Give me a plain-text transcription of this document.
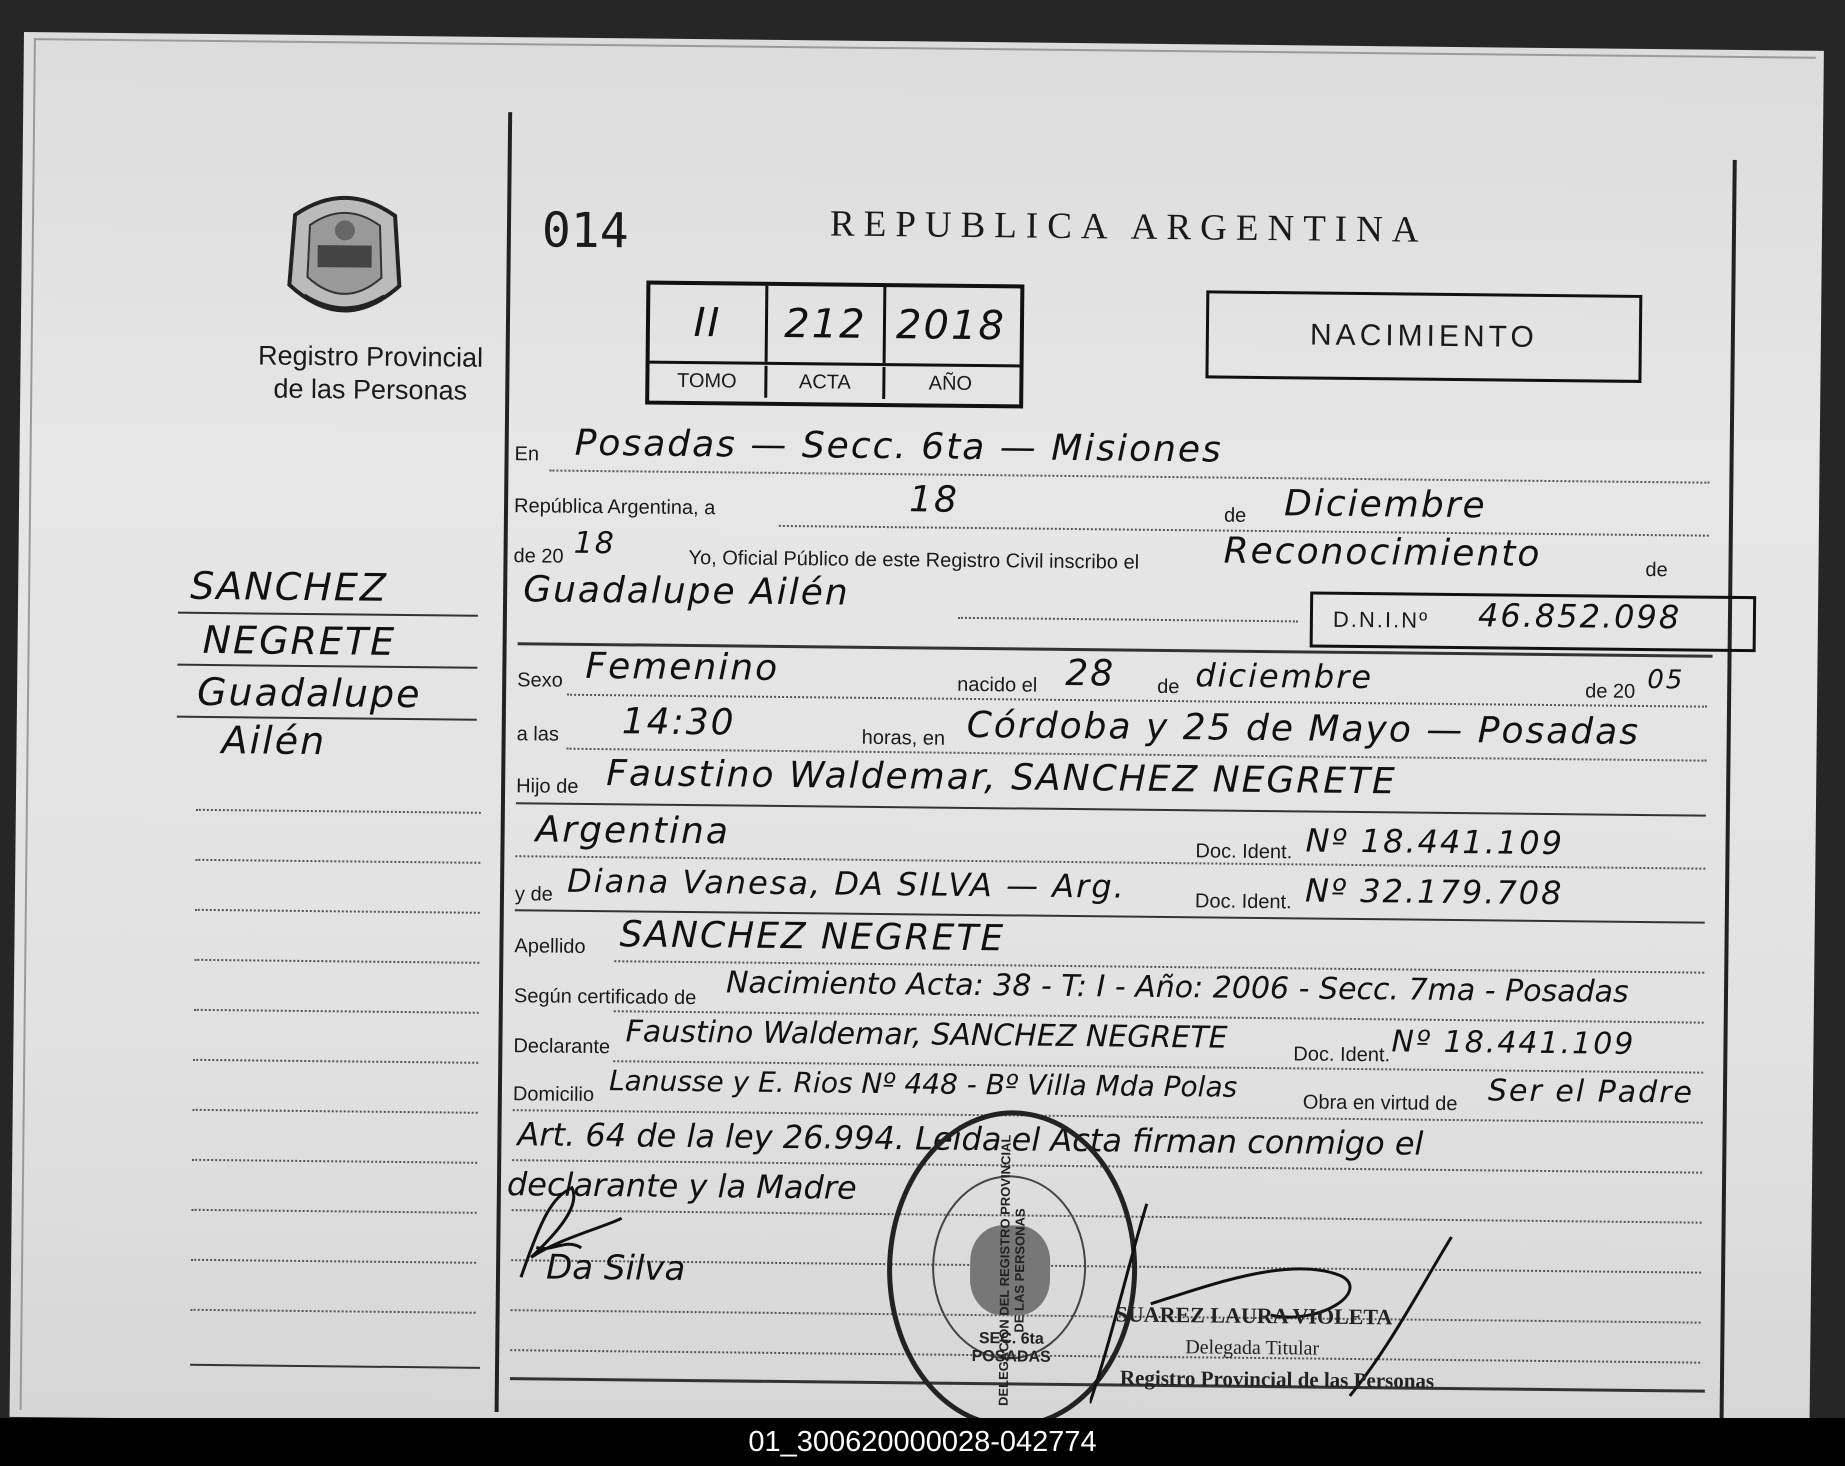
Registro Provincial
de las Personas
SANCHEZ
NEGRETE
Guadalupe
Ailén
014	REPUBLICA ARGENTINA
II	212 2018
TOMO	ACTA	AÑO
NACIMIENTO
En Posadas — Secc. 6ta — Misiones
República Argentina, a	18	de Diciembre
de 20 18	Yo, Oficial Público de este Registro Civil inscribo el Reconocimiento	de
Guadalupe Ailén
D.N.I.Nº 46.852.098
Sexo Femenino	nacido el 28 de diciembre	de 20 05
a las 14:30	horas, en Córdoba y 25 de Mayo — Posadas
Hijo de Faustino Waldemar, SANCHEZ NEGRETE
Argentina	Doc. Ident. Nº 18.441.109
y de Diana Vanesa, DA SILVA — Arg.	Doc. Ident. Nº 32.179.708
Apellido SANCHEZ NEGRETE
Según certificado de Nacimiento Acta: 38 - T: I - Año: 2006 - Secc. 7ma - Posadas
Declarante Faustino Waldemar, SANCHEZ NEGRETE	Doc. Ident. Nº 18.441.109
Domicilio Lanusse y E. Rios Nº 448 - Bº Villa Mda Polas	Obra en virtud de Ser el Padre
Art. 64 de la ley 26.994. Leida el Acta firman conmigo el
declarante y la Madre
Da Silva	DELEGACION DEL REGISTRO PROVINCIAL DE LAS PERSONAS
SEC. 6ta POSADAS
SUAREZ LAURA VIOLETA
Delegada Titular
Registro Provincial de las Personas
01_300620000028-042774
